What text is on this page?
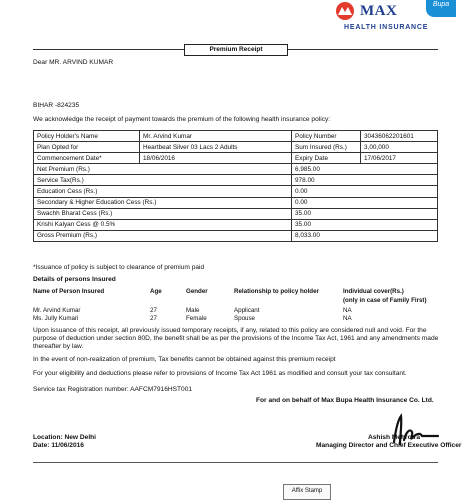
MAX	Bupa
HEALTH INSURANCE
Premium Receipt
Dear MR. ARVIND KUMAR
BIHAR -824235
We acknowledge the receipt of payment towards the premium of the following health insurance policy:
Policy Holder's Name	Mr. Arvind Kumar	Policy Number	30436062201601
Plan Opted for	Heartbeat Silver 03 Lacs 2 Adults	Sum Insured (Rs.)	3,00,000
Commencement Date*	18/06/2016	Expiry Date	17/06/2017
Net Premium (Rs.)		6,985.00	
Service Tax(Rs.)		978.00	
Education Cess (Rs.)		0.00	
Secondary & Higher Education Cess (Rs.)		0.00	
Swachh Bharat Cess (Rs.)		35.00	
Krishi Kalyan Cess @ 0.5%		35.00	
Gross Premium (Rs.)		8,033.00	
*Issuance of policy is subject to clearance of premium paid
Details of persons Insured
Name of Person Insured	Age	Gender	Relationship to policy holder	Individual cover(Rs.)
(only in case of Family First)
Mr. Arvind Kumar	27	Male	Applicant	NA
Ms. Jully Kumari	27	Female	Spouse	NA
Upon issuance of this receipt, all previously issued temporary receipts, if any, related to this policy are considered null and void. For the purpose of deduction under section 80D, the benefit shall be as per the provisions of the Income Tax Act, 1961 and any amendments made thereafter by law.
In the event of non-realization of premium, Tax benefits cannot be obtained against this premium receipt
For your eligibility and deductions please refer to provisions of Income Tax Act 1961 as modified and consult your tax consultant.
Service tax Registration number: AAFCM7916HST001
For and on behalf of Max Bupa Health Insurance Co. Ltd.
Location: New Delhi
Date: 11/06/2016
Ashish Mehrotra
Managing Director and Chief Executive Officer
Affix Stamp
